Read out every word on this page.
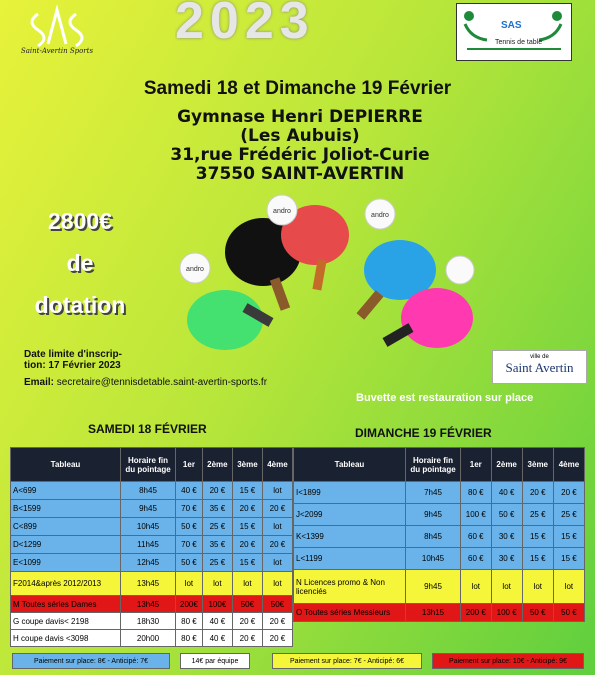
Saint-Avertin Sports
2023	SAS
Tennis de table
Samedi 18 et Dimanche 19 Février
Gymnase Henri DEPIERRE
(Les Aubuis)
31,rue Frédéric Joliot-Curie
37550 SAINT-AVERTIN
2800€
de
dotation
andro
andro
andro
Date limite d'inscrip-
tion: 17 Février 2023
Email: secretaire@tennisdetable.saint-avertin-sports.fr
ville de
Saint Avertin
Buvette est restauration sur place
SAMEDI 18 FÉVRIER	DIMANCHE 19 FÉVRIER
Tableau	Horaire fin du pointage	1er	2ème	3ème	4ème
A<699	8h45	40 €	20 €	15 €	lot
B<1599	9h45	70 €	35 €	20 €	20 €
C<899	10h45	50 €	25 €	15 €	lot
D<1299	11h45	70 €	35 €	20 €	20 €
E<1099	12h45	50 €	25 €	15 €	lot
F2014&après 2012/2013	13h45	lot	lot	lot	lot
M Toutes séries Dames	13h45	200€	100€	50€	50€
G coupe davis< 2198	18h30	80 €	40 €	20 €	20 €
H coupe davis <3098	20h00	80 €	40 €	20 €	20 €
Tableau	Horaire fin du pointage	1er	2ème	3ème	4ème
I<1899	7h45	80 €	40 €	20 €	20 €
J<2099	9h45	100 €	50 €	25 €	25 €
K<1399	8h45	60 €	30 €	15 €	15 €
L<1199	10h45	60 €	30 €	15 €	15 €
N Licences promo & Non licenciés	9h45	lot	lot	lot	lot
O Toutes séries Messieurs	13h15	200 €	100 €	50 €	50 €
Paiement sur place: 8€ - Anticipé: 7€	14€ par équipe	Paiement sur place: 7€ - Anticipé: 6€	Paiement sur place: 10€ - Anticipé: 9€
